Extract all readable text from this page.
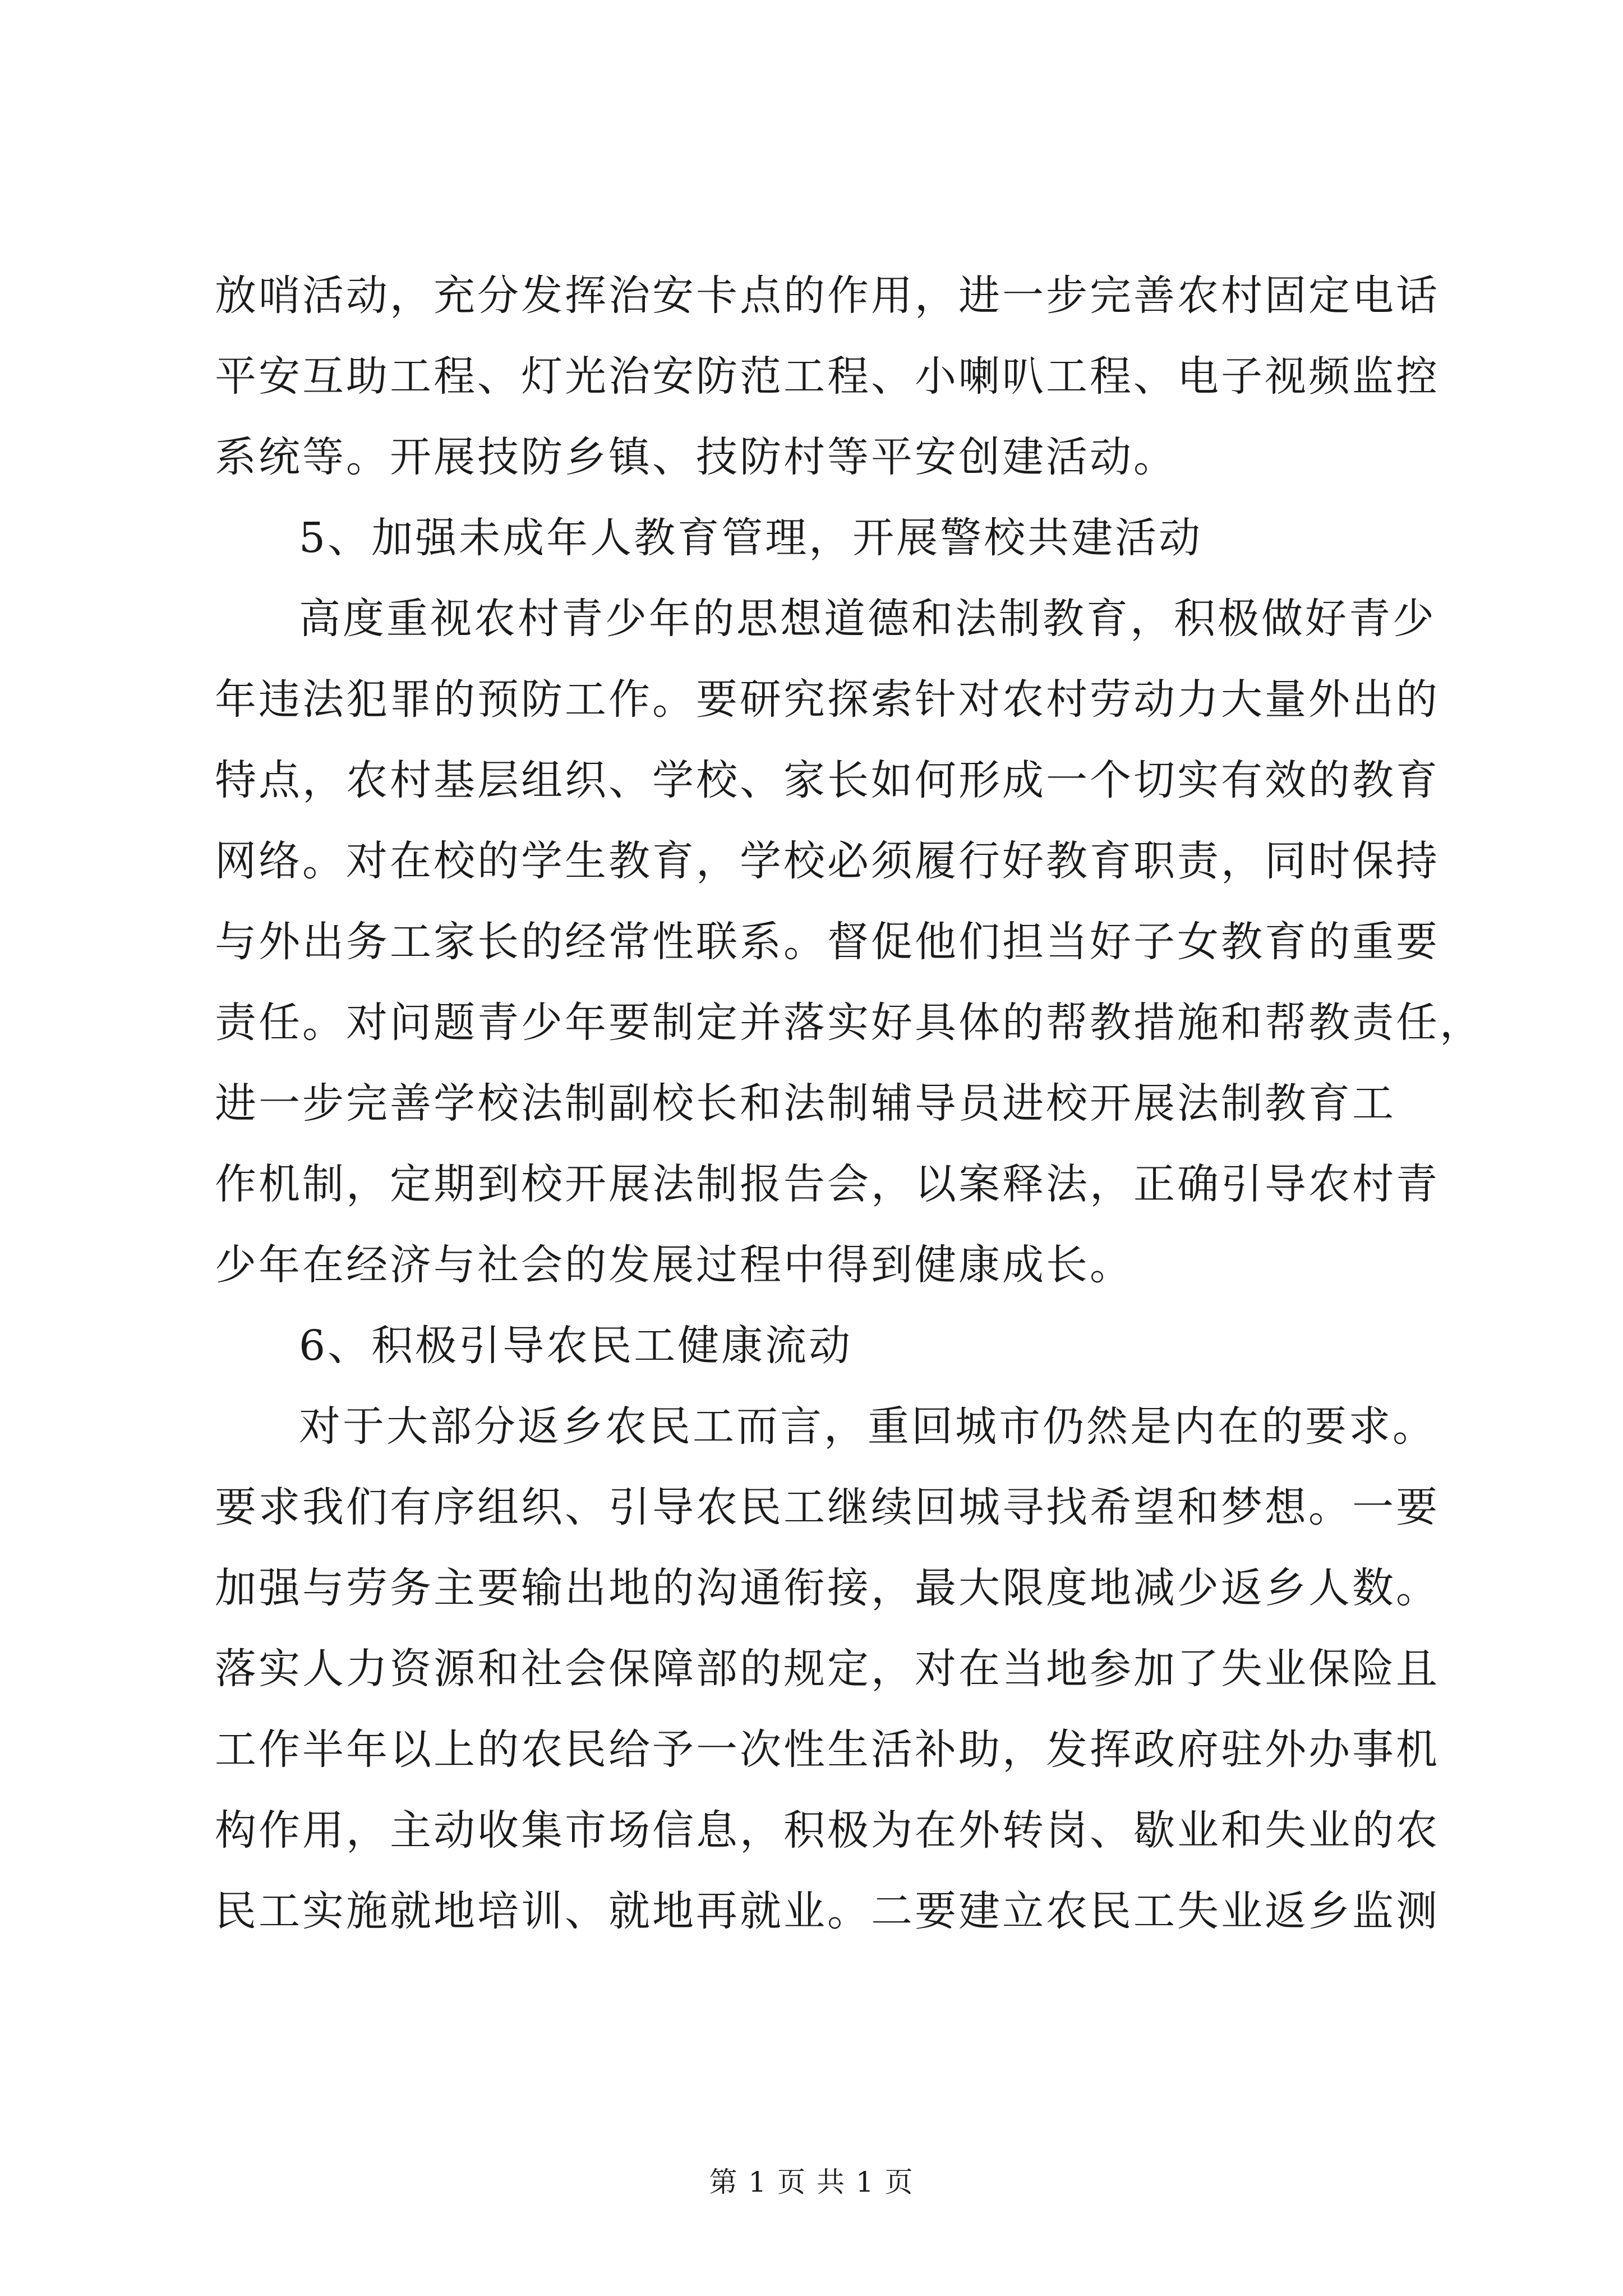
放哨活动，充分发挥治安卡点的作用，进一步完善农村固定电话
平安互助工程、灯光治安防范工程、小喇叭工程、电子视频监控
系统等。开展技防乡镇、技防村等平安创建活动。
5、加强未成年人教育管理，开展警校共建活动
高度重视农村青少年的思想道德和法制教育，积极做好青少
年违法犯罪的预防工作。要研究探索针对农村劳动力大量外出的
特点，农村基层组织、学校、家长如何形成一个切实有效的教育
网络。对在校的学生教育，学校必须履行好教育职责，同时保持
与外出务工家长的经常性联系。督促他们担当好子女教育的重要
责任。对问题青少年要制定并落实好具体的帮教措施和帮教责任，
进一步完善学校法制副校长和法制辅导员进校开展法制教育工
作机制，定期到校开展法制报告会，以案释法，正确引导农村青
少年在经济与社会的发展过程中得到健康成长。
6、积极引导农民工健康流动
对于大部分返乡农民工而言，重回城市仍然是内在的要求。
要求我们有序组织、引导农民工继续回城寻找希望和梦想。一要
加强与劳务主要输出地的沟通衔接，最大限度地减少返乡人数。
落实人力资源和社会保障部的规定，对在当地参加了失业保险且
工作半年以上的农民给予一次性生活补助，发挥政府驻外办事机
构作用，主动收集市场信息，积极为在外转岗、歇业和失业的农
民工实施就地培训、就地再就业。二要建立农民工失业返乡监测
第 1 页 共 1 页
